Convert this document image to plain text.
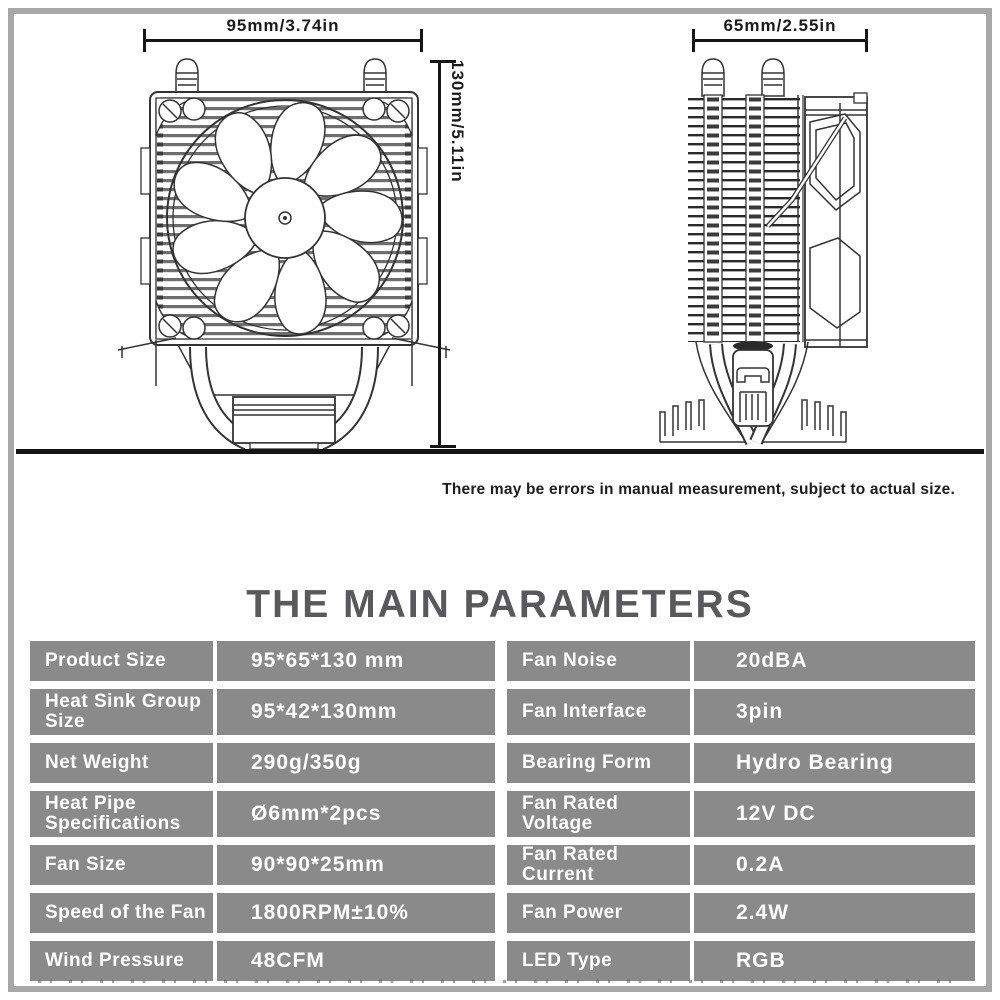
95mm/3.74in	65mm/2.55in
130mm/5.11in
There may be errors in manual measurement, subject to actual size.
THE MAIN PARAMETERS
Product Size	95*65*130 mm
Heat Sink Group Size	95*42*130mm
Net Weight	290g/350g
Heat Pipe Specifications	Ø6mm*2pcs
Fan Size	90*90*25mm
Speed of the Fan	1800RPM±10%
Wind Pressure	48CFM
Fan Noise	20dBA
Fan Interface	3pin
Bearing Form	Hydro Bearing
Fan Rated Voltage	12V DC
Fan Rated Current	0.2A
Fan Power	2.4W
LED Type	RGB
